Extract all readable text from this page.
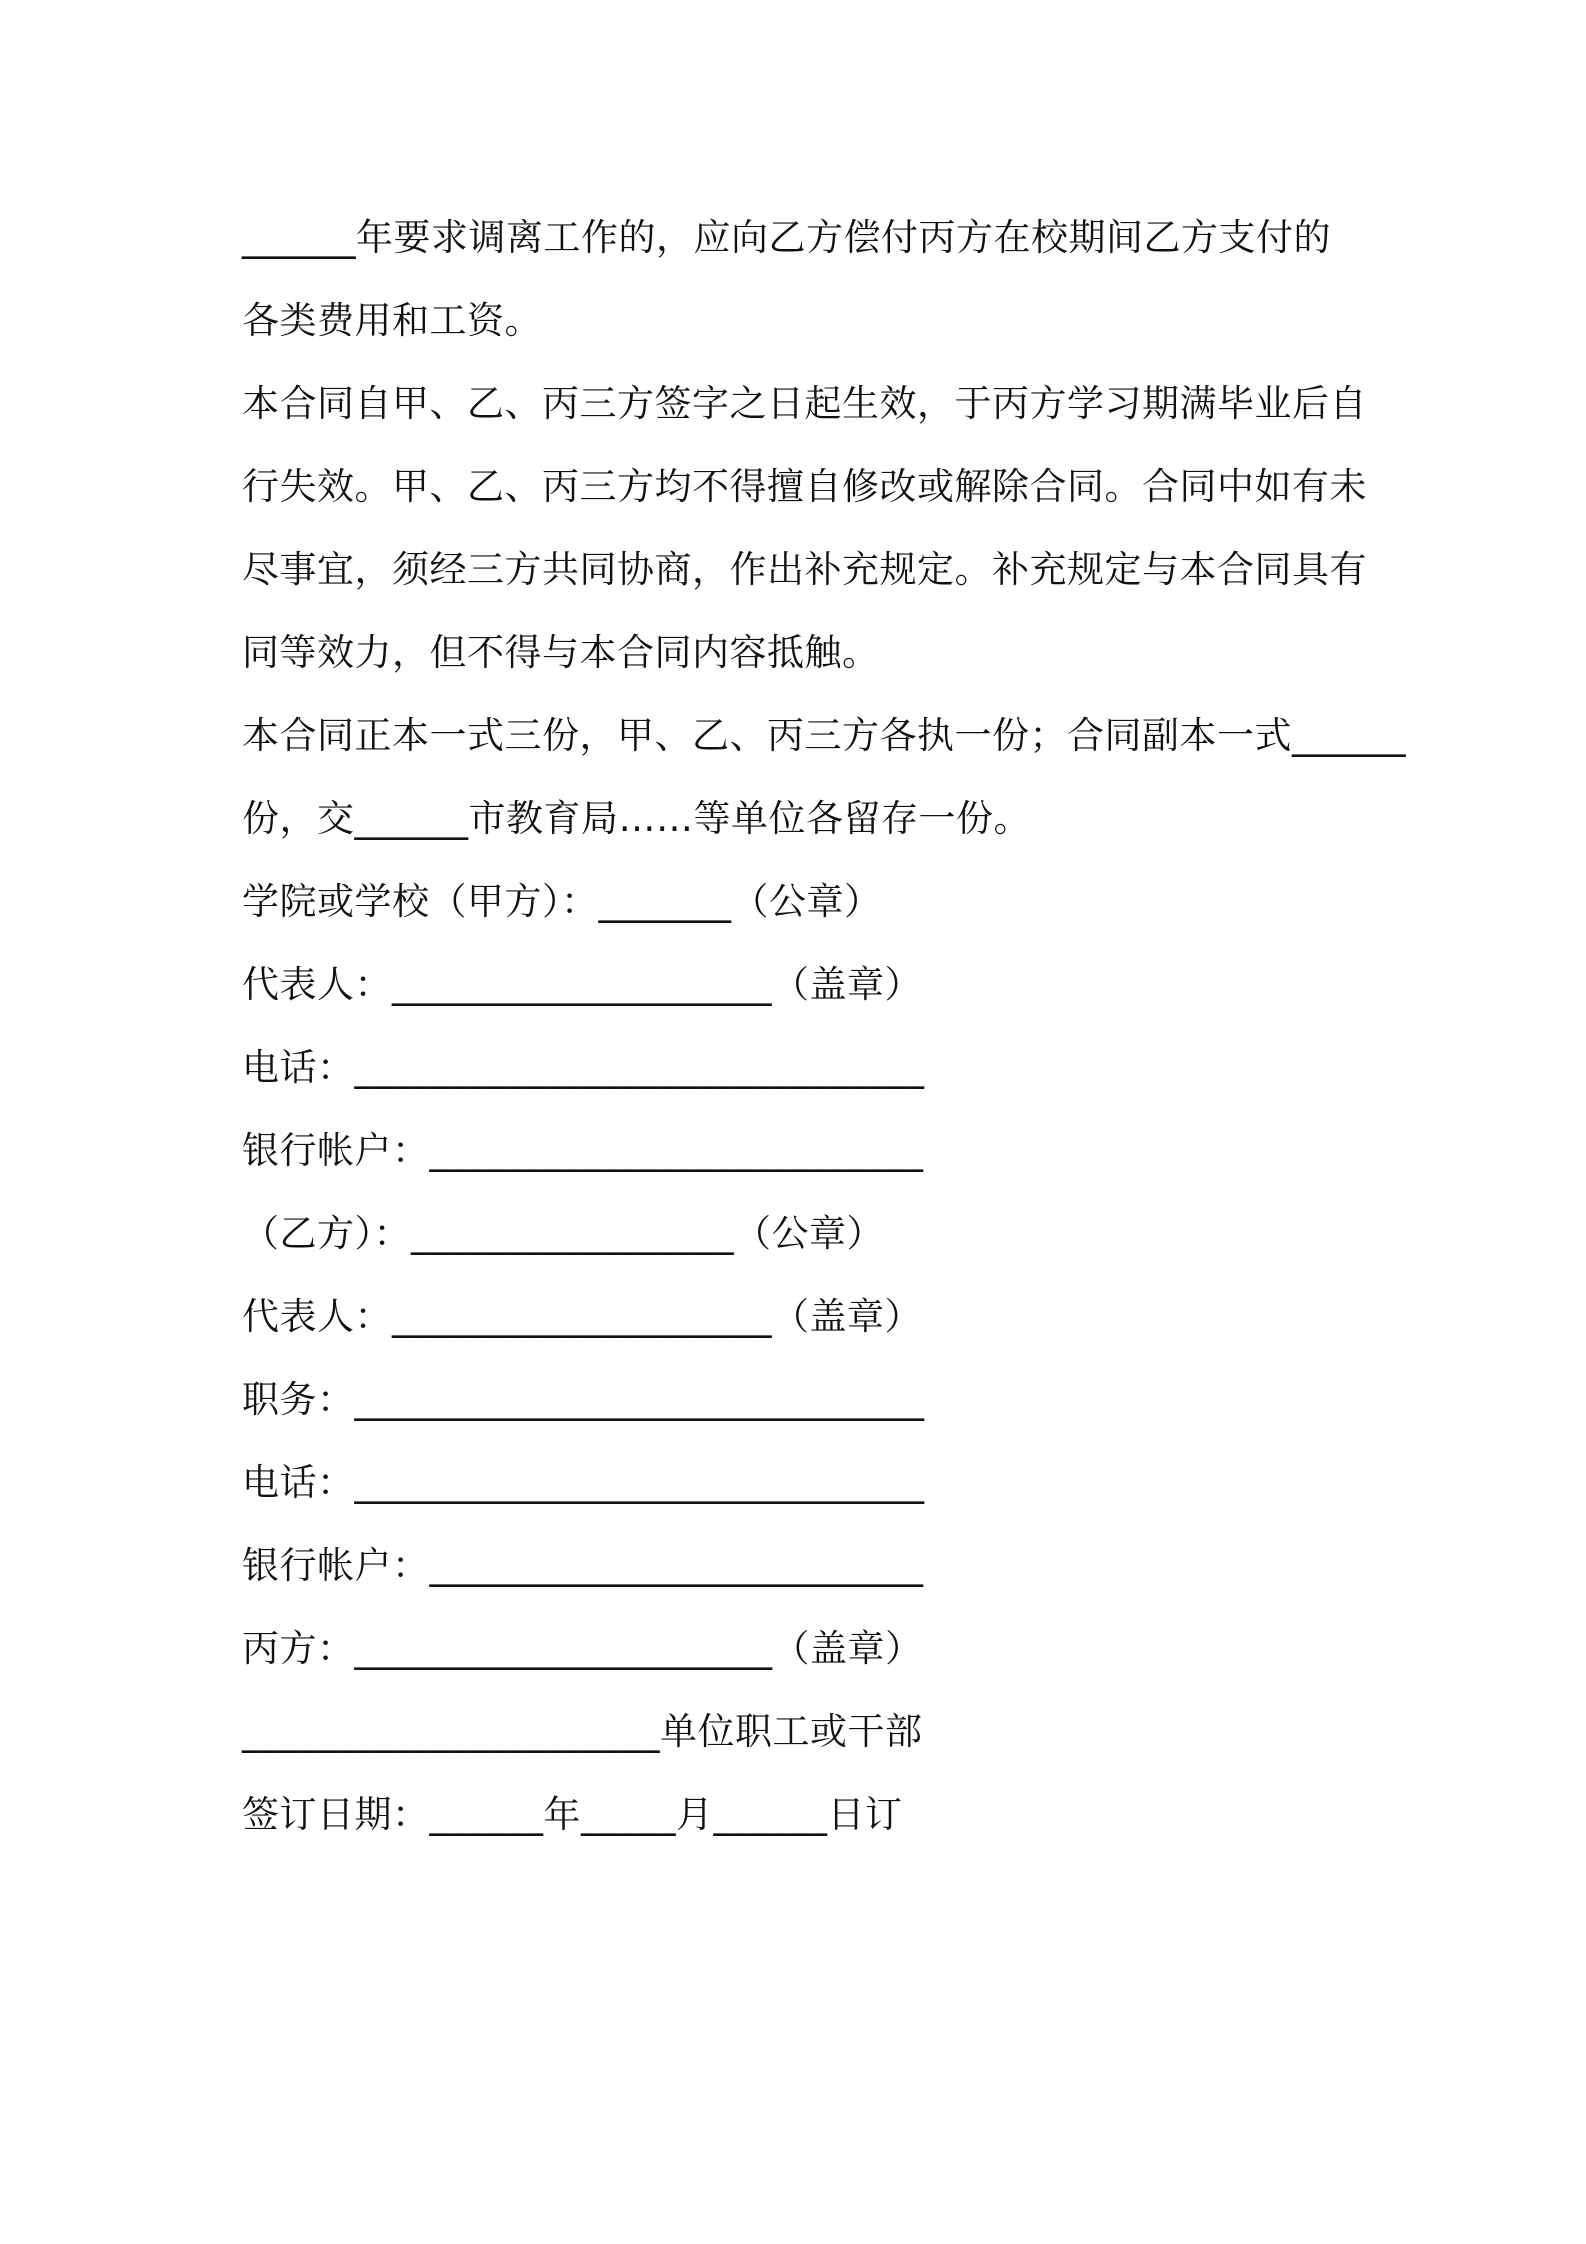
______年要求调离工作的，应向乙方偿付丙方在校期间乙方支付的
各类费用和工资。
本合同自甲、乙、丙三方签字之日起生效，于丙方学习期满毕业后自
行失效。甲、乙、丙三方均不得擅自修改或解除合同。合同中如有未
尽事宜，须经三方共同协商，作出补充规定。补充规定与本合同具有
同等效力，但不得与本合同内容抵触。
本合同正本一式三份，甲、乙、丙三方各执一份；合同副本一式______
份，交______市教育局……等单位各留存一份。
学院或学校（甲方）：_______（公章）
代表人：____________________（盖章）
电话：______________________________
银行帐户：__________________________
（乙方）：_________________（公章）
代表人：____________________（盖章）
职务：______________________________
电话：______________________________
银行帐户：__________________________
丙方：______________________（盖章）
______________________单位职工或干部
签订日期：______年_____月______日订
